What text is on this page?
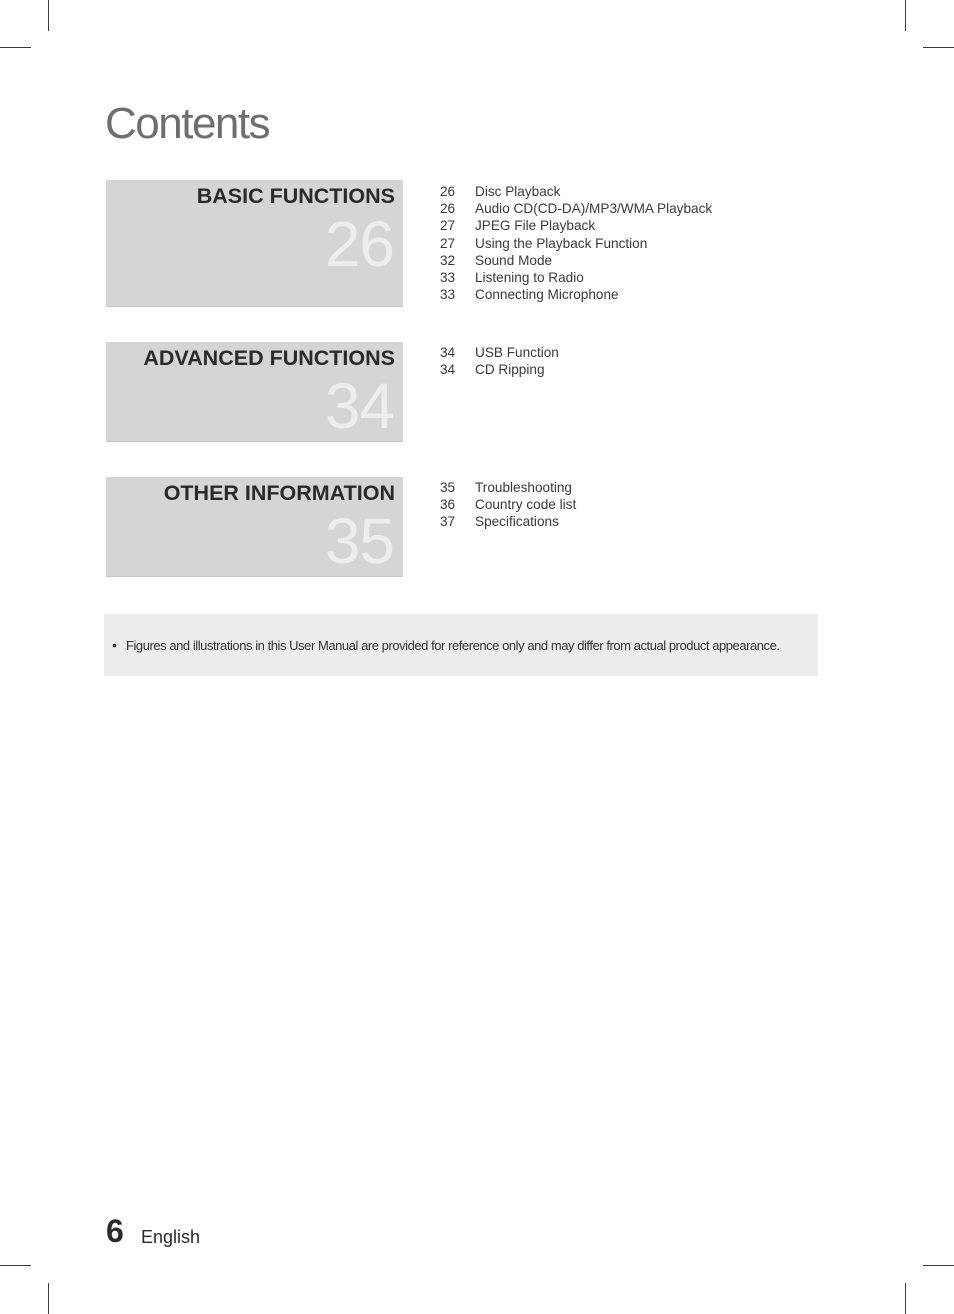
Contents
BASIC FUNCTIONS
26
26	Disc Playback
26	Audio CD(CD-DA)/MP3/WMA Playback
27	JPEG File Playback
27	Using the Playback Function
32	Sound Mode
33	Listening to Radio
33	Connecting Microphone
ADVANCED FUNCTIONS
34
34	USB Function
34	CD Ripping
OTHER INFORMATION
35
35	Troubleshooting
36	Country code list
37	Specifications
• Figures and illustrations in this User Manual are provided for reference only and may differ from actual product appearance.
6 English
